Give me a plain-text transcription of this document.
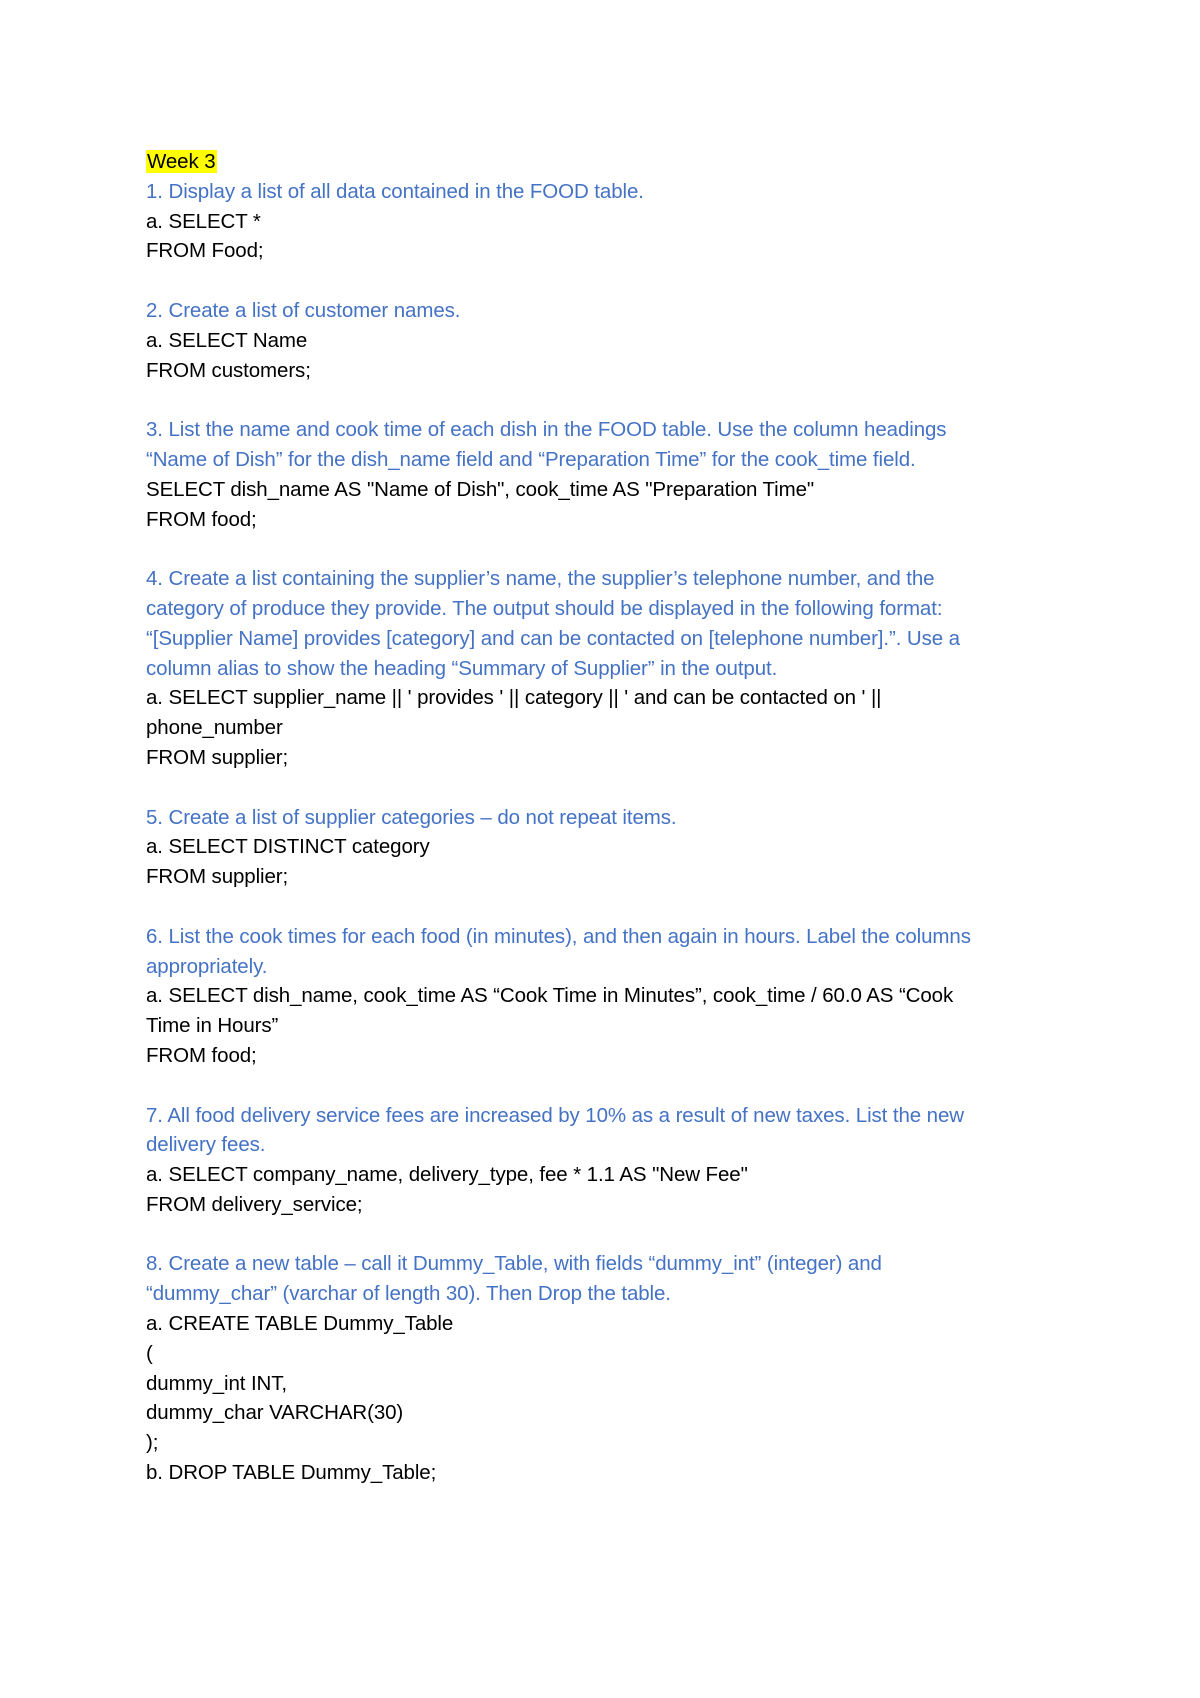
Week 3
1. Display a list of all data contained in the FOOD table.
a. SELECT *
FROM Food;
2. Create a list of customer names.
a. SELECT Name
FROM customers;
3. List the name and cook time of each dish in the FOOD table. Use the column headings
“Name of Dish” for the dish_name field and “Preparation Time” for the cook_time field.
SELECT dish_name AS "Name of Dish", cook_time AS "Preparation Time"
FROM food;
4. Create a list containing the supplier’s name, the supplier’s telephone number, and the
category of produce they provide. The output should be displayed in the following format:
“[Supplier Name] provides [category] and can be contacted on [telephone number].”. Use a
column alias to show the heading “Summary of Supplier” in the output.
a. SELECT supplier_name || ' provides ' || category || ' and can be contacted on ' ||
phone_number
FROM supplier;
5. Create a list of supplier categories – do not repeat items.
a. SELECT DISTINCT category
FROM supplier;
6. List the cook times for each food (in minutes), and then again in hours. Label the columns
appropriately.
a. SELECT dish_name, cook_time AS “Cook Time in Minutes”, cook_time / 60.0 AS “Cook
Time in Hours”
FROM food;
7. All food delivery service fees are increased by 10% as a result of new taxes. List the new
delivery fees.
a. SELECT company_name, delivery_type, fee * 1.1 AS "New Fee"
FROM delivery_service;
8. Create a new table – call it Dummy_Table, with fields “dummy_int” (integer) and
“dummy_char” (varchar of length 30). Then Drop the table.
a. CREATE TABLE Dummy_Table
(
dummy_int INT,
dummy_char VARCHAR(30)
);
b. DROP TABLE Dummy_Table;
